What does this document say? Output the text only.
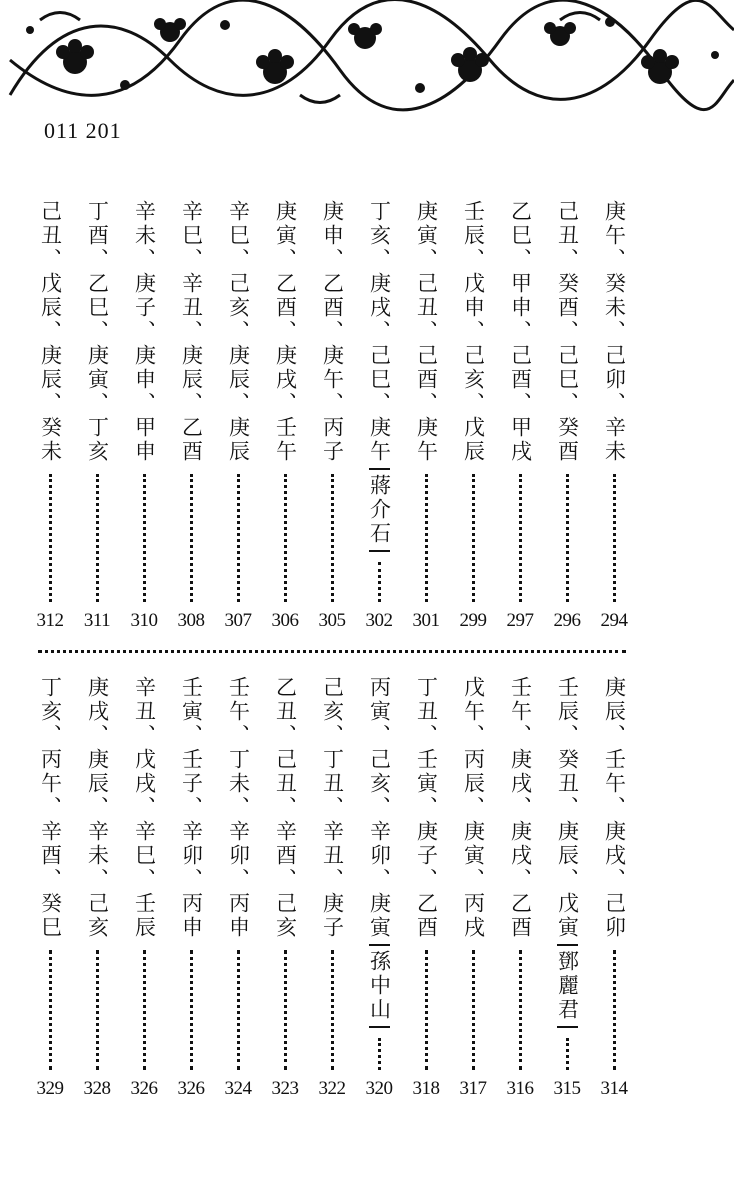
011 201
庚午、癸未、己卯、辛未
294
己丑、癸酉、己巳、癸酉
296
乙巳、甲申、己酉、甲戌
297
壬辰、戊申、己亥、戊辰
299
庚寅、己丑、己酉、庚午
301
丁亥、庚戌、己巳、庚午
蔣介石
302
庚申、乙酉、庚午、丙子
305
庚寅、乙酉、庚戌、壬午
306
辛巳、己亥、庚辰、庚辰
307
辛巳、辛丑、庚辰、乙酉
308
辛未、庚子、庚申、甲申
310
丁酉、乙巳、庚寅、丁亥
311
己丑、戊辰、庚辰、癸未
312
庚辰、壬午、庚戌、己卯
314
壬辰、癸丑、庚辰、戊寅
鄧麗君
315
壬午、庚戌、庚戌、乙酉
316
戊午、丙辰、庚寅、丙戌
317
丁丑、壬寅、庚子、乙酉
318
丙寅、己亥、辛卯、庚寅
孫中山
320
己亥、丁丑、辛丑、庚子
322
乙丑、己丑、辛酉、己亥
323
壬午、丁未、辛卯、丙申
324
壬寅、壬子、辛卯、丙申
326
辛丑、戊戌、辛巳、壬辰
326
庚戌、庚辰、辛未、己亥
328
丁亥、丙午、辛酉、癸巳
329
